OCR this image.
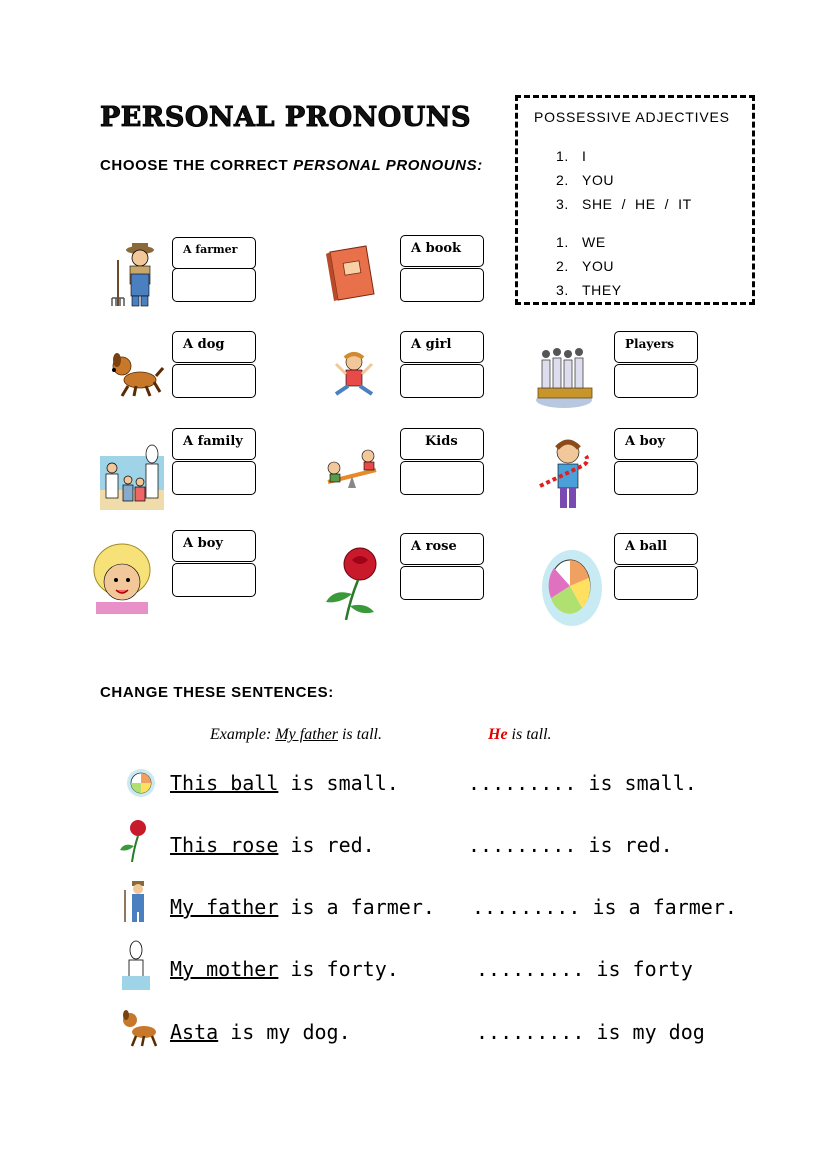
PERSONAL PRONOUNS
CHOOSE THE CORRECT PERSONAL PRONOUNS:
POSSESSIVE ADJECTIVES
1. I
2. YOU
3. SHE  /  HE  /  IT
1. WE
2. YOU
3. THEY
A farmer	A book
A dog	A girl	Players
A family	Kids	A boy
A boy	A rose	A ball
CHANGE THESE SENTENCES:
Example: My father is tall.	He is tall.
This ball is small.	......... is small.
This rose is red.	......... is red.
My father is a farmer. ......... is a farmer.
My mother is forty.	......... is forty
Asta is my dog.	......... is my dog
